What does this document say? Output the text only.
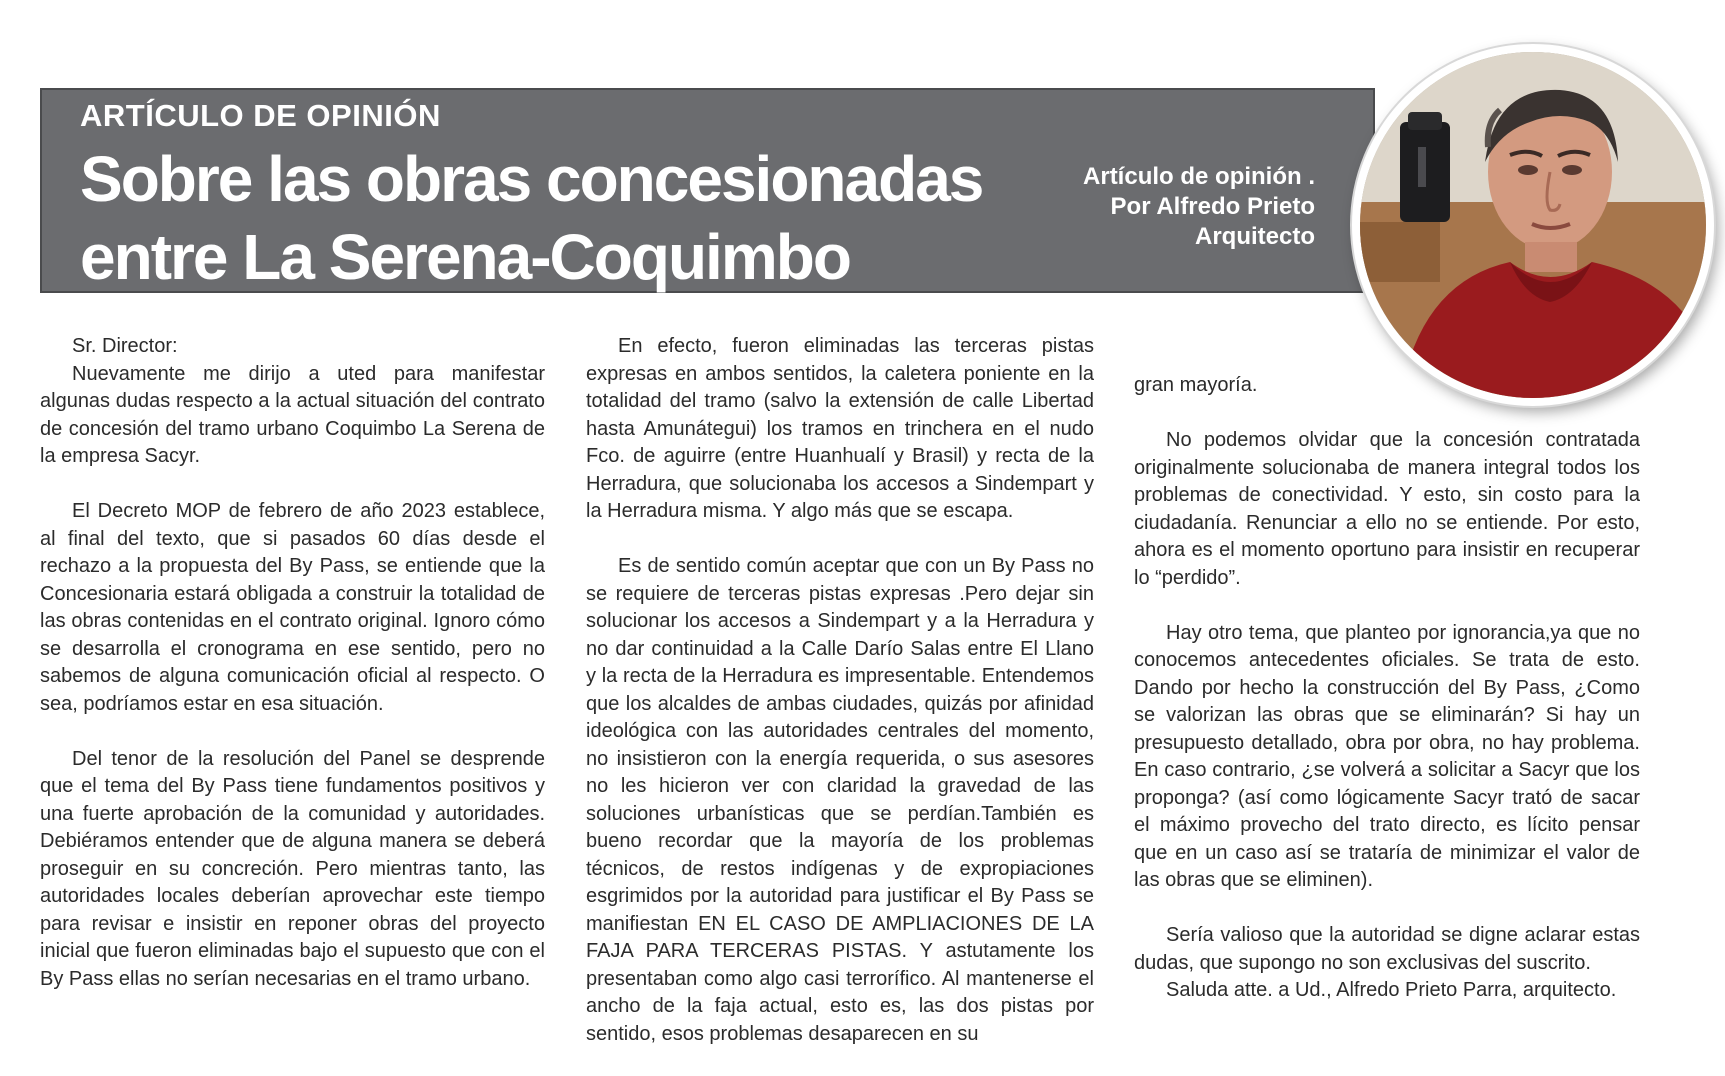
ARTÍCULO DE OPINIÓN
Sobre las obras concesionadas
entre La Serena-Coquimbo
Artículo de opinión .
Por Alfredo Prieto
Arquitecto

Sr. Director:

Nuevamente me dirijo a uted para manifestar algunas dudas respecto a la actual situación del contrato de concesión del tramo urbano Coquimbo La Serena de la empresa Sacyr.

El Decreto MOP de febrero de año 2023 establece, al final del texto, que si pasados 60 días desde el rechazo a la propuesta del By Pass, se entiende que la Concesionaria estará obligada a construir la totalidad de las obras contenidas en el contrato original. Ignoro cómo se desarrolla el cronograma en ese sentido, pero no sabemos de alguna comunicación oficial al respecto. O sea, podríamos estar en esa situación.

Del tenor de la resolución del Panel se desprende que el tema del By Pass tiene fundamentos positivos y una fuerte aprobación de la comunidad y autoridades. Debiéramos entender que de alguna manera se deberá proseguir en su concreción. Pero mientras tanto, las autoridades locales deberían aprovechar este tiempo para revisar e insistir en reponer obras del proyecto inicial que fueron eliminadas bajo el supuesto que con el By Pass ellas no serían necesarias en el tramo urbano.

En efecto, fueron eliminadas las terceras pistas expresas en ambos sentidos, la caletera poniente en la totalidad del tramo (salvo la extensión de calle Libertad hasta Amunátegui) los tramos en trinchera en el nudo Fco. de aguirre (entre Huanhualí y Brasil) y recta de la Herradura, que solucionaba los accesos a Sindempart y la Herradura misma. Y algo más que se escapa.

Es de sentido común aceptar que con un By Pass no se requiere de terceras pistas expresas .Pero dejar sin solucionar los accesos a Sindempart y a la Herradura y no dar continuidad a la Calle Darío Salas entre El Llano y la recta de la Herradura es impresentable. Entendemos que los alcaldes de ambas ciudades, quizás por afinidad ideológica con las autoridades centrales del momento, no insistieron con la energía requerida, o sus asesores no les hicieron ver con claridad la gravedad de las soluciones urbanísticas que se perdían.También es bueno recordar que la mayoría de los problemas técnicos, de restos indígenas y de expropiaciones esgrimidos por la autoridad para justificar el By Pass se manifiestan EN EL CASO DE AMPLIACIONES DE LA FAJA PARA TERCERAS PISTAS. Y astutamente los presentaban como algo casi terrorífico. Al mantenerse el ancho de la faja actual, esto es, las dos pistas por sentido, esos problemas desaparecen en su

gran mayoría.

No podemos olvidar que la concesión contratada originalmente solucionaba de manera integral todos los problemas de conectividad. Y esto, sin costo para la ciudadanía. Renunciar a ello no se entiende. Por esto, ahora es el momento oportuno para insistir en recuperar lo “perdido”.

Hay otro tema, que planteo por ignorancia,ya que no conocemos antecedentes oficiales. Se trata de esto. Dando por hecho la construcción del By Pass, ¿Como se valorizan las obras que se eliminarán? Si hay un presupuesto detallado, obra por obra, no hay problema. En caso contrario, ¿se volverá a solicitar a Sacyr que los proponga? (así como lógicamente Sacyr trató de sacar el máximo provecho del trato directo, es lícito pensar que en un caso así se trataría de minimizar el valor de las obras que se eliminen).

Sería valioso que la autoridad se digne aclarar estas dudas, que supongo no son exclusivas del suscrito.

Saluda atte. a Ud., Alfredo Prieto Parra, arquitecto.
